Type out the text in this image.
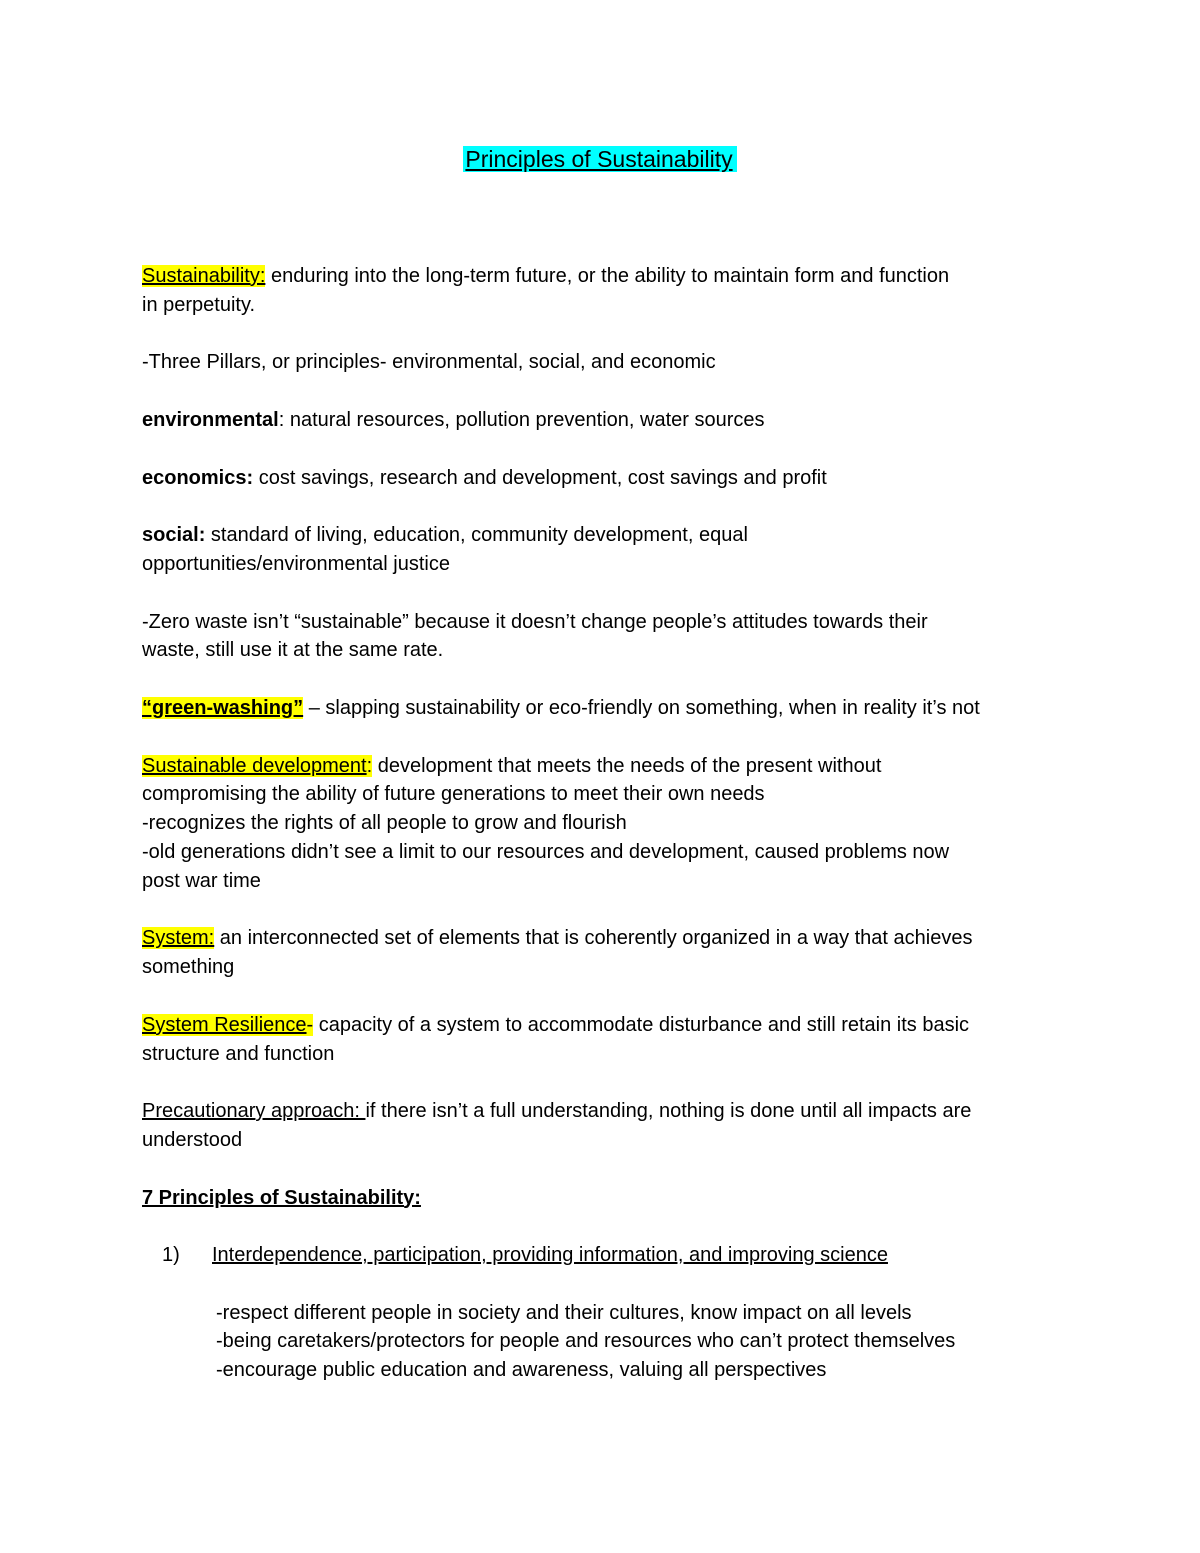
Principles of Sustainability
Sustainability: enduring into the long-term future, or the ability to maintain form and function
in perpetuity.
-Three Pillars, or principles- environmental, social, and economic
environmental: natural resources, pollution prevention, water sources
economics: cost savings, research and development, cost savings and profit
social: standard of living, education, community development, equal
opportunities/environmental justice
-Zero waste isn’t “sustainable” because it doesn’t change people’s attitudes towards their
waste, still use it at the same rate.
“green-washing” – slapping sustainability or eco-friendly on something, when in reality it’s not
Sustainable development: development that meets the needs of the present without
compromising the ability of future generations to meet their own needs
-recognizes the rights of all people to grow and flourish
-old generations didn’t see a limit to our resources and development, caused problems now
post war time
System: an interconnected set of elements that is coherently organized in a way that achieves
something
System Resilience- capacity of a system to accommodate disturbance and still retain its basic
structure and function
Precautionary approach: if there isn’t a full understanding, nothing is done until all impacts are
understood
7 Principles of Sustainability:
1) Interdependence, participation, providing information, and improving science
-respect different people in society and their cultures, know impact on all levels
-being caretakers/protectors for people and resources who can’t protect themselves
-encourage public education and awareness, valuing all perspectives
